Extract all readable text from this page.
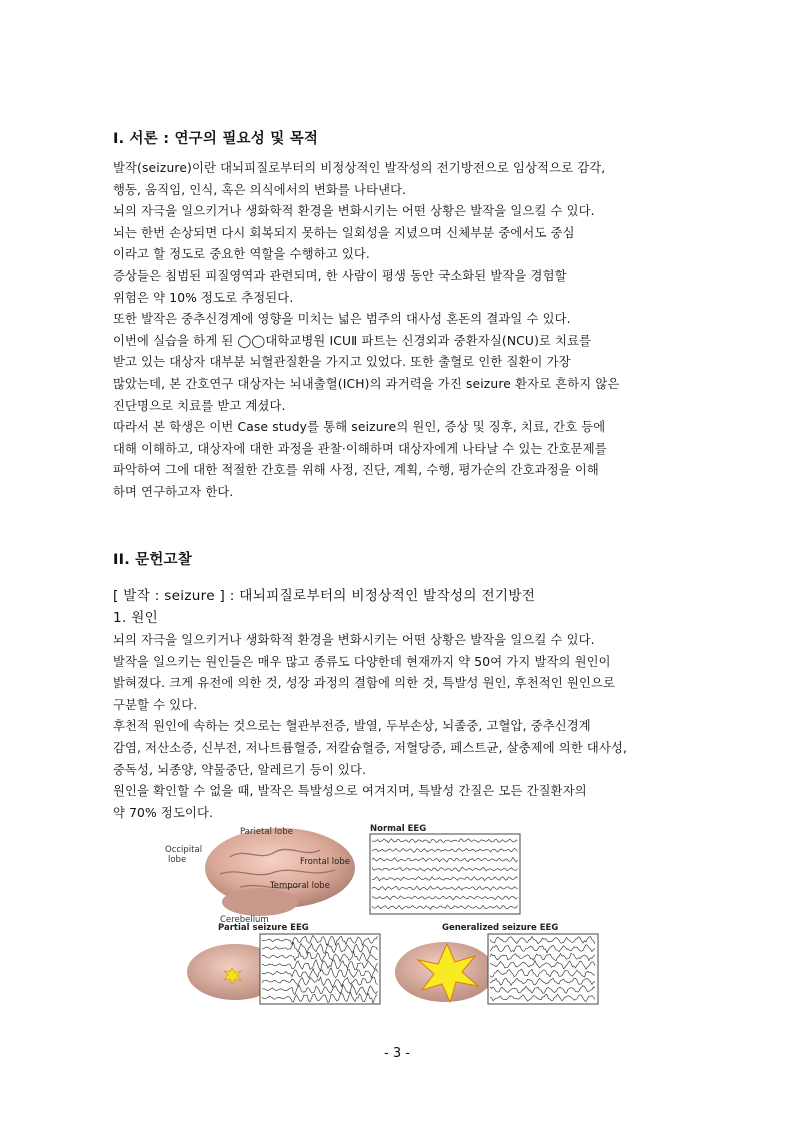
I. 서론 : 연구의 필요성 및 목적

발작(seizure)이란 대뇌피질로부터의 비정상적인 발작성의 전기방전으로 임상적으로 감각,

행동, 움직임, 인식, 혹은 의식에서의 변화를 나타낸다.

뇌의 자극을 일으키거나 생화학적 환경을 변화시키는 어떤 상황은 발작을 일으킬 수 있다.

뇌는 한번 손상되면 다시 회복되지 못하는 일회성을 지녔으며 신체부분 중에서도 중심

이라고 할 정도로 중요한 역할을 수행하고 있다.

증상들은 침범된 피질영역과 관련되며, 한 사람이 평생 동안 국소화된 발작을 경험할

위험은 약 10% 정도로 추정된다.

또한 발작은 중추신경계에 영향을 미치는 넓은 범주의 대사성 혼돈의 결과일 수 있다.

이번에 실습을 하게 된 ◯◯대학교병원 ICUⅡ 파트는 신경외과 중환자실(NCU)로 치료를

받고 있는 대상자 대부분 뇌혈관질환을 가지고 있었다. 또한 출혈로 인한 질환이 가장

많았는데, 본 간호연구 대상자는 뇌내출혈(ICH)의 과거력을 가진 seizure 환자로 흔하지 않은

진단명으로 치료를 받고 계셨다.

따라서 본 학생은 이번 Case study를 통해 seizure의 원인, 증상 및 징후, 치료, 간호 등에

대해 이해하고, 대상자에 대한 과정을 관찰·이해하며 대상자에게 나타날 수 있는 간호문제를

파악하여 그에 대한 적절한 간호를 위해 사정, 진단, 계획, 수행, 평가순의 간호과정을 이해

하며 연구하고자 한다.

II. 문헌고찰
[ 발작 : seizure ] : 대뇌피질로부터의 비정상적인 발작성의 전기방전
1. 원인

뇌의 자극을 일으키거나 생화학적 환경을 변화시키는 어떤 상황은 발작을 일으킬 수 있다.

발작을 일으키는 원인들은 매우 많고 종류도 다양한데 현재까지 약 50여 가지 발작의 원인이

밝혀졌다. 크게 유전에 의한 것, 성장 과정의 결함에 의한 것, 특발성 원인, 후천적인 원인으로

구분할 수 있다.

후천적 원인에 속하는 것으로는 혈관부전증, 발열, 두부손상, 뇌졸중, 고혈압, 중추신경계

감염, 저산소증, 신부전, 저나트륨혈증, 저칼슘혈증, 저혈당증, 페스트균, 살충제에 의한 대사성,

중독성, 뇌종양, 약물중단, 알레르기 등이 있다.

원인을 확인할 수 없을 때, 발작은 특발성으로 여겨지며, 특발성 간질은 모든 간질환자의

약 70% 정도이다.

Parietal lobe
Occipital
lobe	Frontal lobe
Temporal lobe
Cerebellum
Normal EEG
Partial seizure EEG	Generalized seizure EEG
- 3 -
